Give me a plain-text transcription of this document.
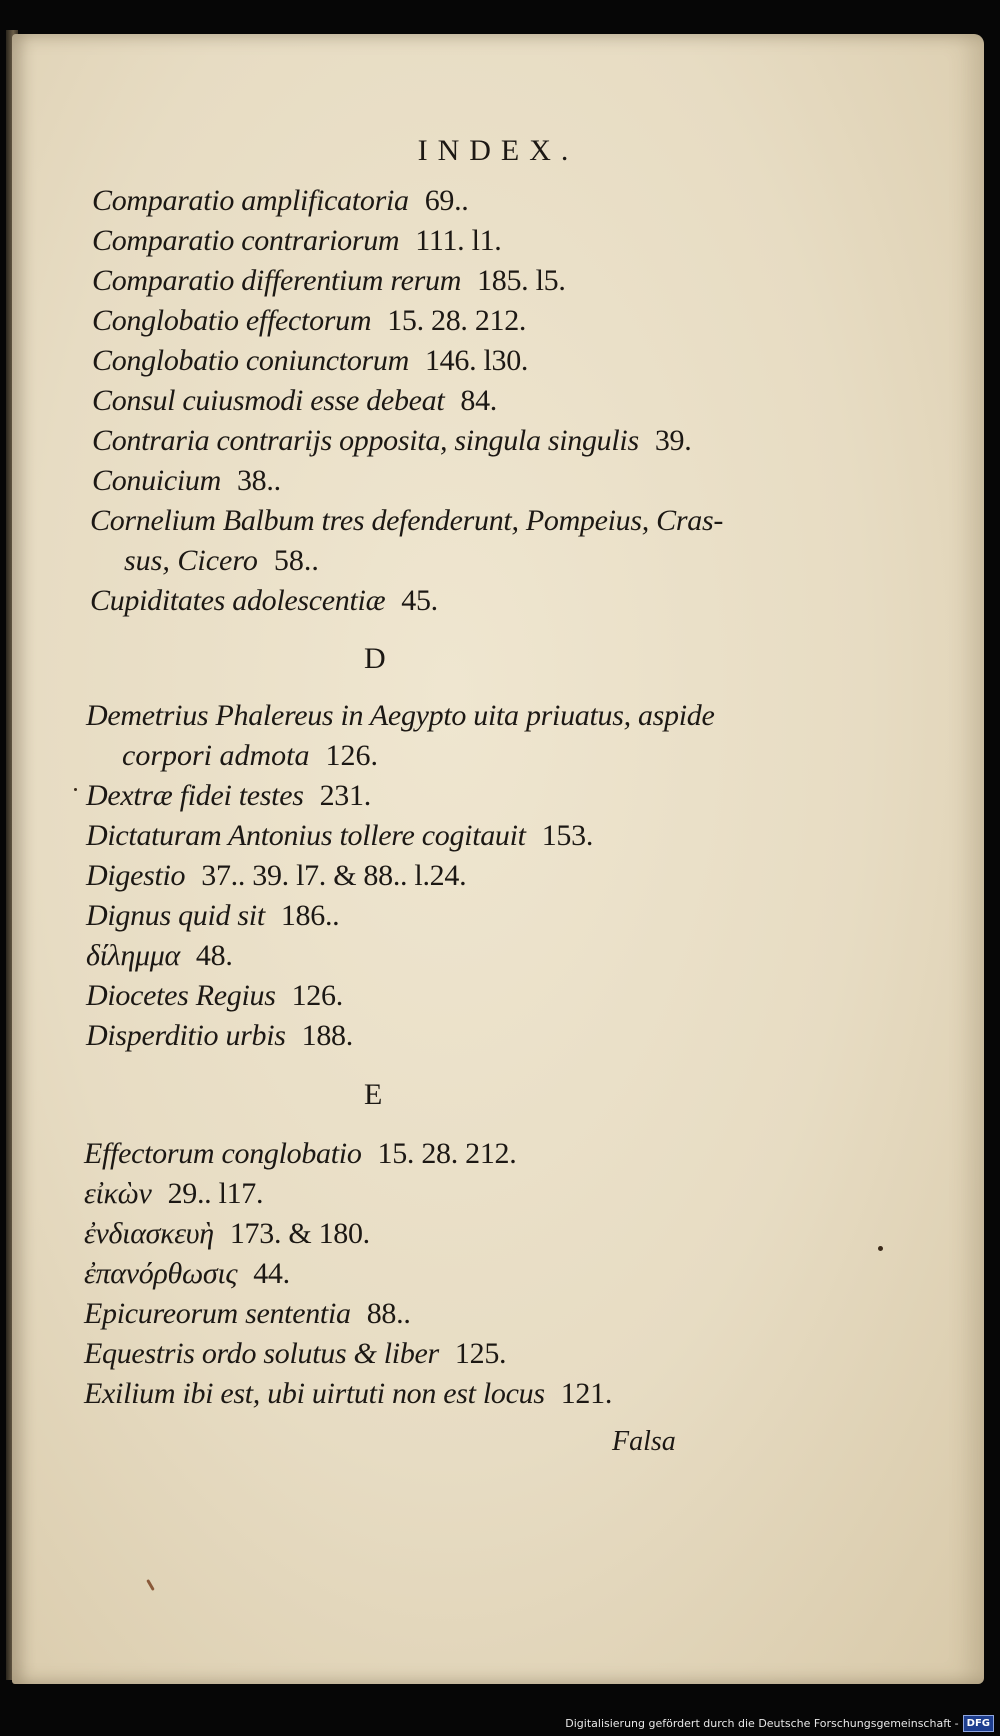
INDEX.
Comparatio amplificatoria 69..
Comparatio contrariorum 111. l1.
Comparatio differentium rerum 185. l5.
Conglobatio effectorum 15. 28. 212.
Conglobatio coniunctorum 146. l30.
Consul cuiusmodi esse debeat 84.
Contraria contrarijs opposita, singula singulis 39.
Conuicium 38..
Cornelium Balbum tres defenderunt, Pompeius, Cras-
sus, Cicero 58..
Cupiditates adolescentiæ 45.
D
Demetrius Phalereus in Aegypto uita priuatus, aspide
corpori admota 126.
Dextræ fidei testes 231.
Dictaturam Antonius tollere cogitauit 153.
Digestio 37.. 39. l7. & 88.. l.24.
Dignus quid sit 186..
δίλημμα 48.
Diocetes Regius 126.
Disperditio urbis 188.
E
Effectorum conglobatio 15. 28. 212.
εἰκὼν 29.. l17.
ἐνδιασκευὴ 173. & 180.
ἐπανόρθωσις 44.
Epicureorum sententia 88..
Equestris ordo solutus & liber 125.
Exilium ibi est, ubi uirtuti non est locus 121.
Falsa
Digitalisierung gefördert durch die Deutsche Forschungsgemeinschaft - DFG
